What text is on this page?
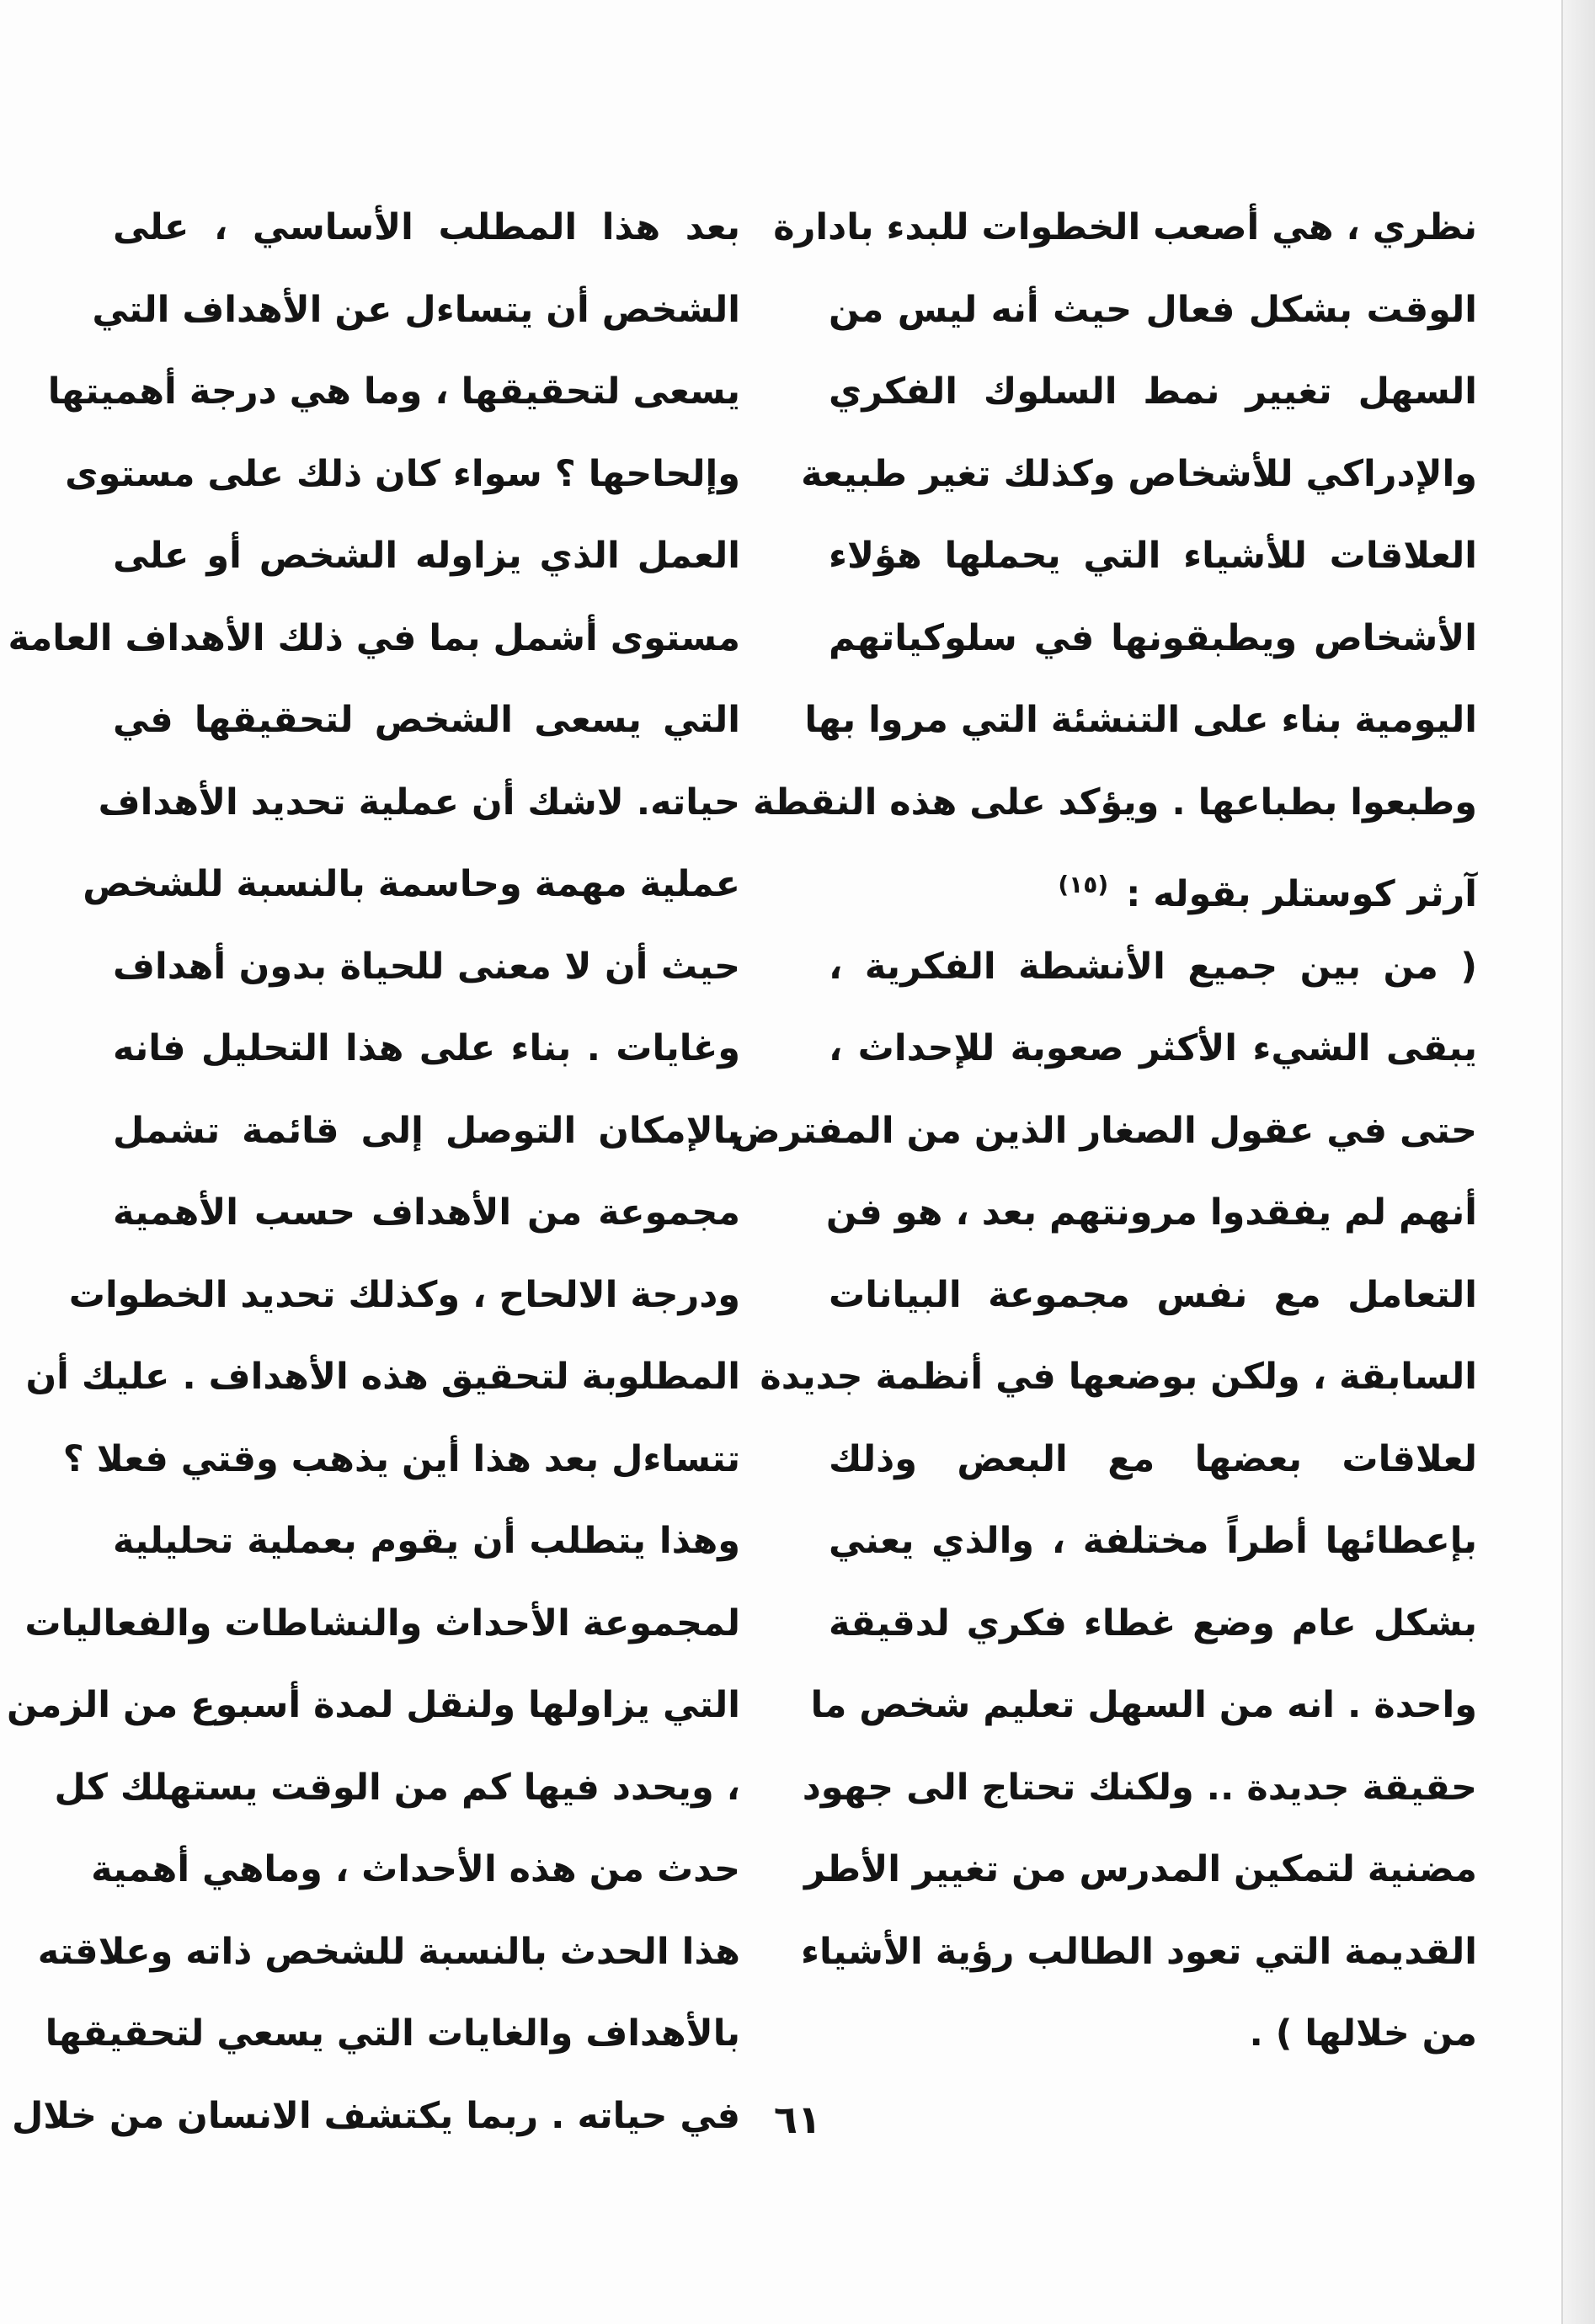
نظري ، هي أصعب الخطوات للبدء بادارة
الوقت بشكل فعال حيث أنه ليس من
السهل تغيير نمط السلوك الفكري
والإدراكي للأشخاص وكذلك تغير طبيعة
العلاقات للأشياء التي يحملها هؤلاء
الأشخاص ويطبقونها في سلوكياتهم
اليومية بناء على التنشئة التي مروا بها
وطبعوا بطباعها . ويؤكد على هذه النقطة
آرثر كوستلر بقوله : $^{(١٥)}$
( من بين جميع الأنشطة الفكرية ،
يبقى الشيء الأكثر صعوبة للإحداث ،
حتى في عقول الصغار الذين من المفترض
أنهم لم يفقدوا مرونتهم بعد ، هو فن
التعامل مع نفس مجموعة البيانات
السابقة ، ولكن بوضعها في أنظمة جديدة
لعلاقات بعضها مع البعض وذلك
بإعطائها أطراً مختلفة ، والذي يعني
بشكل عام وضع غطاء فكري لدقيقة
واحدة . انه من السهل تعليم شخص ما
حقيقة جديدة .. ولكنك تحتاج الى جهود
مضنية لتمكين المدرس من تغيير الأطر
القديمة التي تعود الطالب رؤية الأشياء
من خلالها ) .
بعد هذا المطلب الأساسي ، على
الشخص أن يتساءل عن الأهداف التي
يسعى لتحقيقها ، وما هي درجة أهميتها
وإلحاحها ؟ سواء كان ذلك على مستوى
العمل الذي يزاوله الشخص أو على
مستوى أشمل بما في ذلك الأهداف العامة
التي يسعى الشخص لتحقيقها في
حياته. لاشك أن عملية تحديد الأهداف
عملية مهمة وحاسمة بالنسبة للشخص
حيث أن لا معنى للحياة بدون أهداف
وغايات . بناء على هذا التحليل فانه
بالإمكان التوصل إلى قائمة تشمل
مجموعة من الأهداف حسب الأهمية
ودرجة الالحاح ، وكذلك تحديد الخطوات
المطلوبة لتحقيق هذه الأهداف . عليك أن
تتساءل بعد هذا أين يذهب وقتي فعلا ؟
وهذا يتطلب أن يقوم بعملية تحليلية
لمجموعة الأحداث والنشاطات والفعاليات
التي يزاولها ولنقل لمدة أسبوع من الزمن
، ويحدد فيها كم من الوقت يستهلك كل
حدث من هذه الأحداث ، وماهي أهمية
هذا الحدث بالنسبة للشخص ذاته وعلاقته
بالأهداف والغايات التي يسعي لتحقيقها
في حياته . ربما يكتشف الانسان من خلال ٦١
